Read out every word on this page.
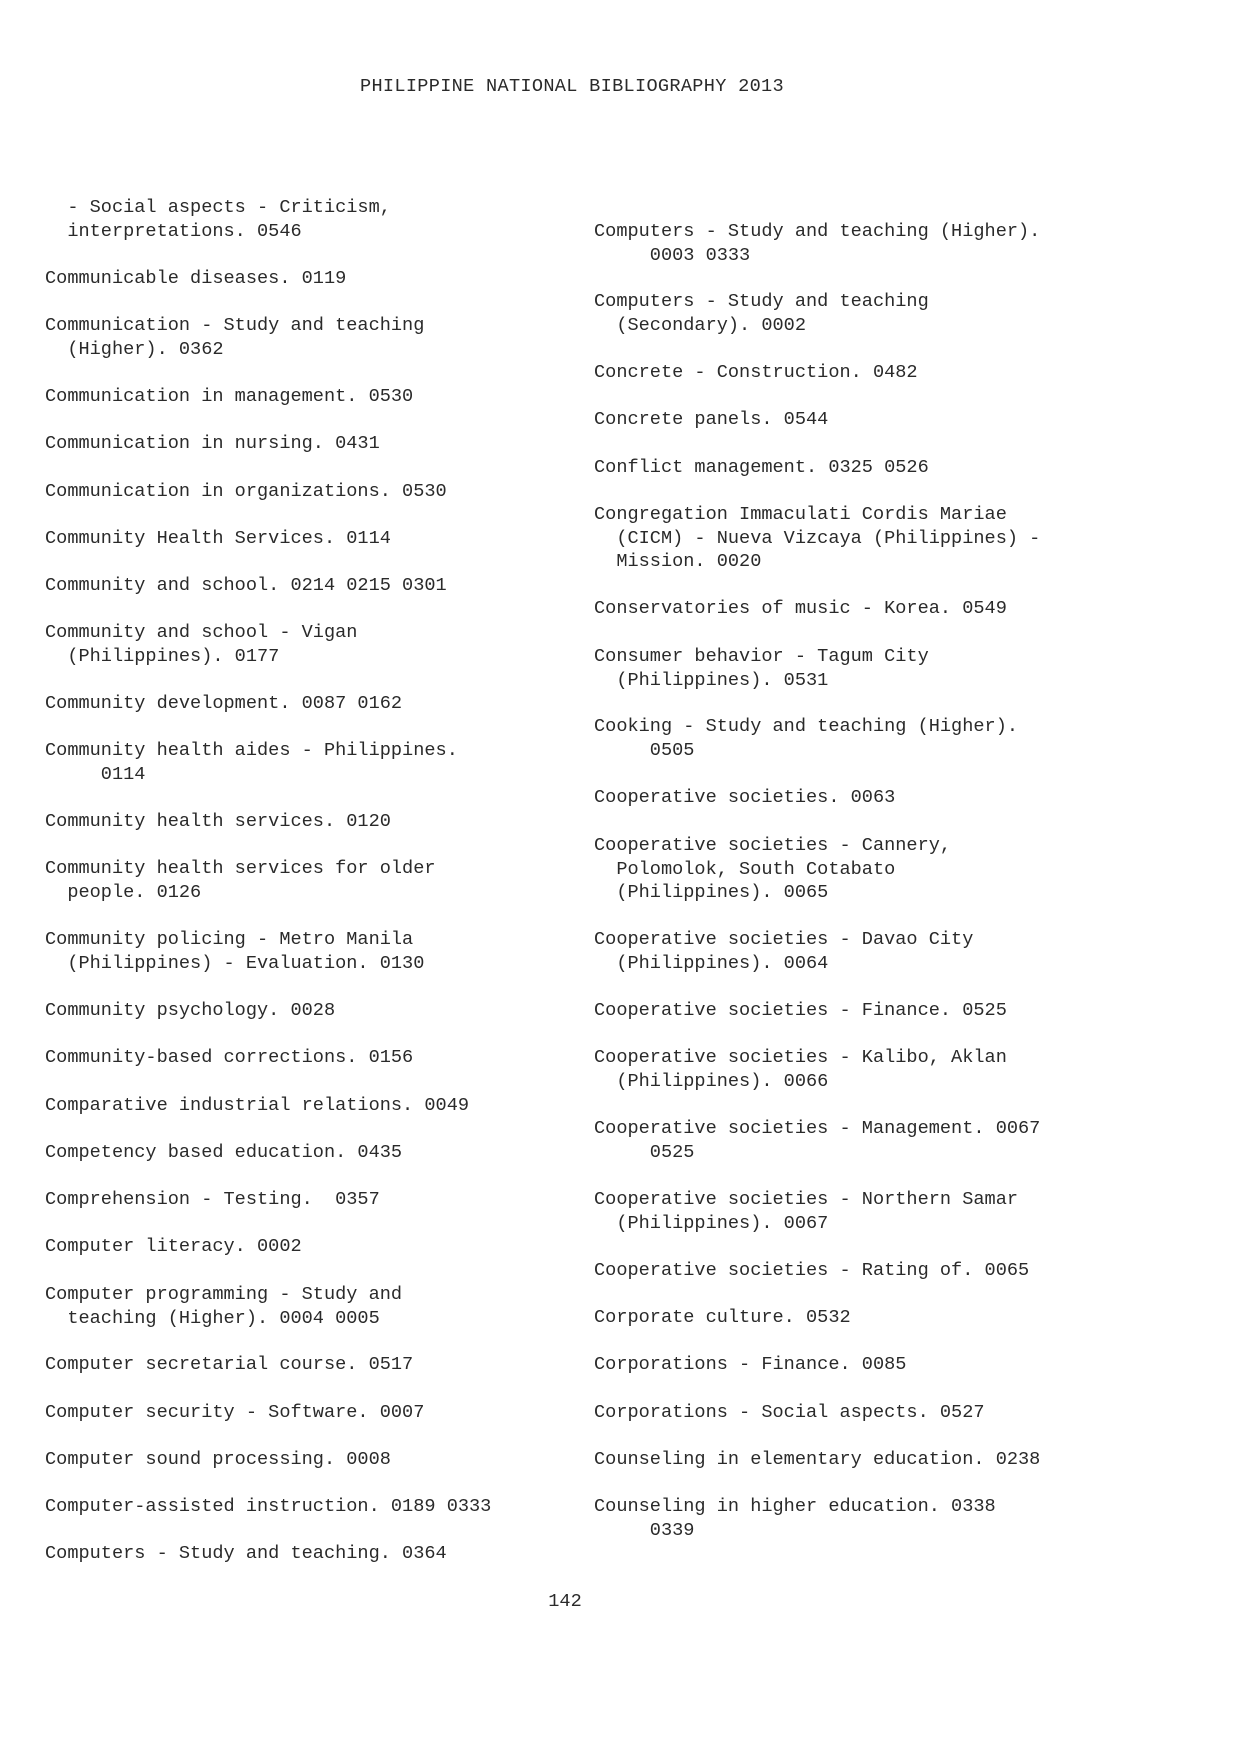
PHILIPPINE NATIONAL BIBLIOGRAPHY 2013

- Social aspects - Criticism,
interpretations. 0546

Communicable diseases. 0119

Communication - Study and teaching
(Higher). 0362

Communication in management. 0530

Communication in nursing. 0431

Communication in organizations. 0530

Community Health Services. 0114

Community and school. 0214 0215 0301

Community and school - Vigan
(Philippines). 0177

Community development. 0087 0162

Community health aides - Philippines.
0114

Community health services. 0120

Community health services for older
people. 0126

Community policing - Metro Manila
(Philippines) - Evaluation. 0130

Community psychology. 0028

Community-based corrections. 0156

Comparative industrial relations. 0049

Competency based education. 0435

Comprehension - Testing.  0357

Computer literacy. 0002

Computer programming - Study and
teaching (Higher). 0004 0005

Computer secretarial course. 0517

Computer security - Software. 0007

Computer sound processing. 0008

Computer-assisted instruction. 0189 0333

Computers - Study and teaching. 0364

Computers - Study and teaching (Higher).
0003 0333

Computers - Study and teaching
(Secondary). 0002

Concrete - Construction. 0482

Concrete panels. 0544

Conflict management. 0325 0526

Congregation Immaculati Cordis Mariae
(CICM) - Nueva Vizcaya (Philippines) -
Mission. 0020

Conservatories of music - Korea. 0549

Consumer behavior - Tagum City
(Philippines). 0531

Cooking - Study and teaching (Higher).
0505

Cooperative societies. 0063

Cooperative societies - Cannery,
Polomolok, South Cotabato
(Philippines). 0065

Cooperative societies - Davao City
(Philippines). 0064

Cooperative societies - Finance. 0525

Cooperative societies - Kalibo, Aklan
(Philippines). 0066

Cooperative societies - Management. 0067
0525

Cooperative societies - Northern Samar
(Philippines). 0067

Cooperative societies - Rating of. 0065

Corporate culture. 0532

Corporations - Finance. 0085

Corporations - Social aspects. 0527

Counseling in elementary education. 0238

Counseling in higher education. 0338
0339

142
